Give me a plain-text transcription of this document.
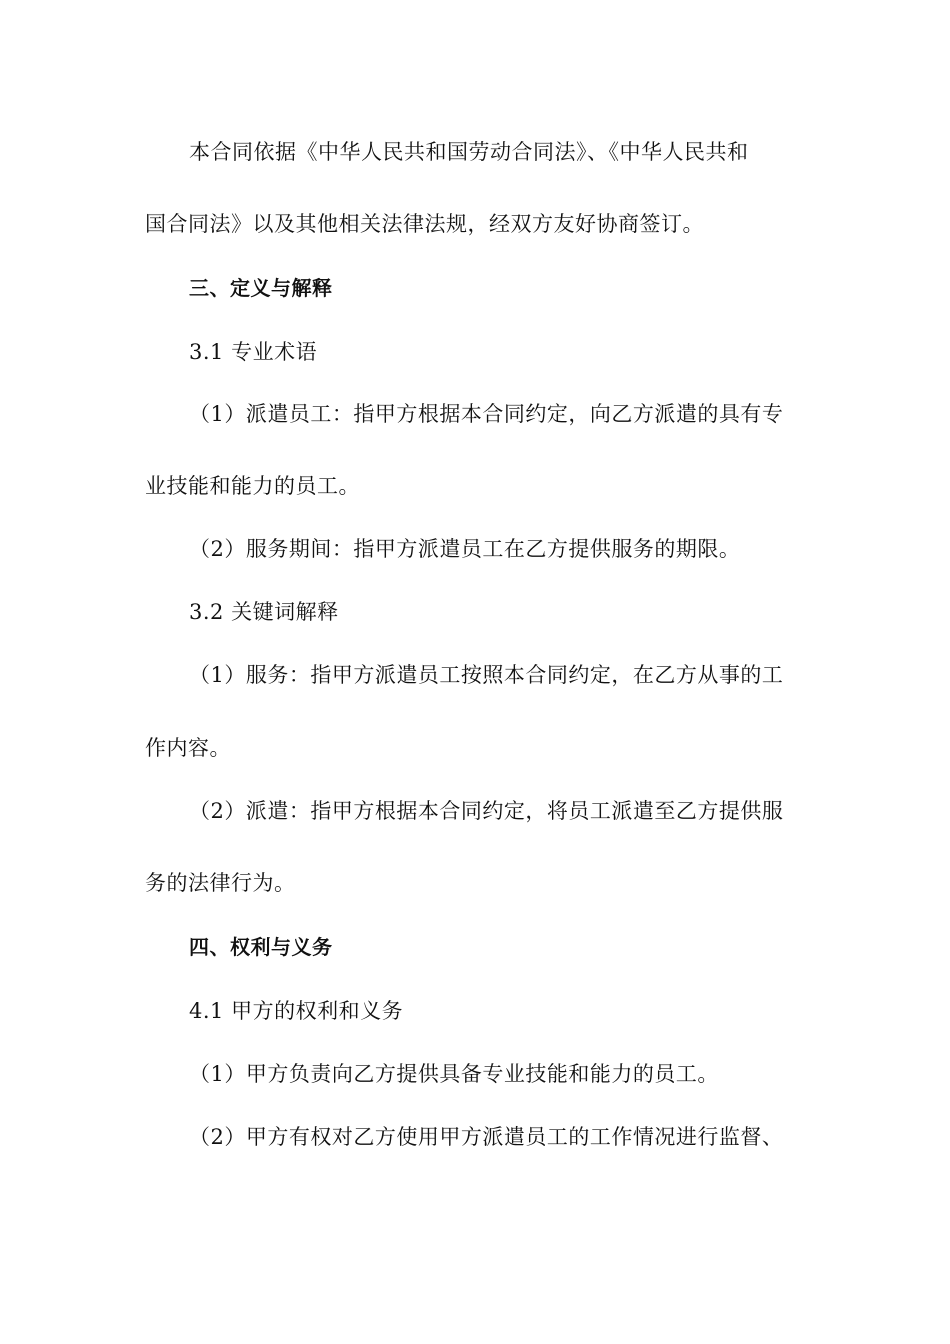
本合同依据《中华人民共和国劳动合同法》、《中华人民共和
国合同法》以及其他相关法律法规，经双方友好协商签订。
三、定义与解释
3.1 专业术语
（1）派遣员工：指甲方根据本合同约定，向乙方派遣的具有专
业技能和能力的员工。
（2）服务期间：指甲方派遣员工在乙方提供服务的期限。
3.2 关键词解释
（1）服务：指甲方派遣员工按照本合同约定，在乙方从事的工
作内容。
（2）派遣：指甲方根据本合同约定，将员工派遣至乙方提供服
务的法律行为。
四、权利与义务
4.1 甲方的权利和义务
（1）甲方负责向乙方提供具备专业技能和能力的员工。
（2）甲方有权对乙方使用甲方派遣员工的工作情况进行监督、
